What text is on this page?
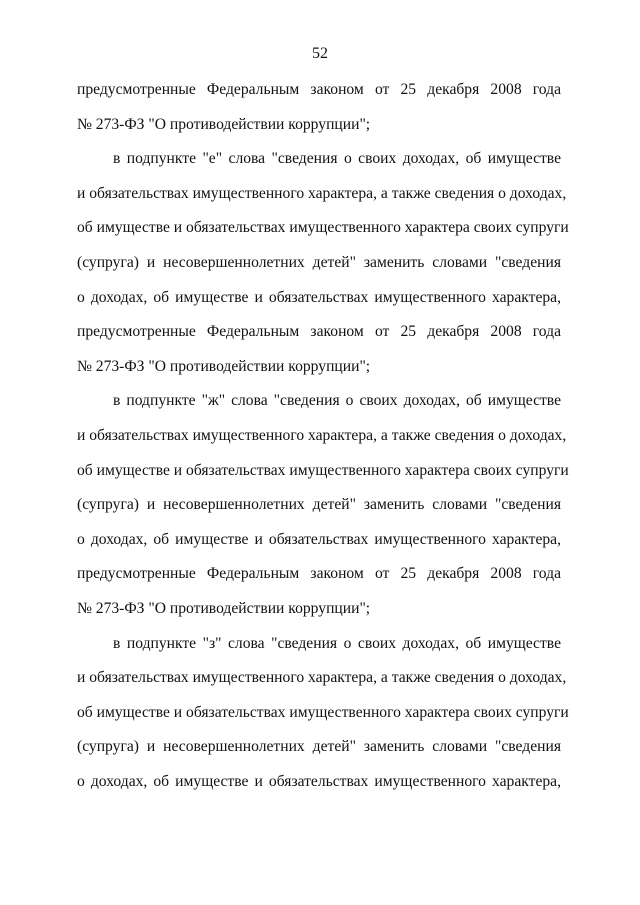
52
предусмотренные Федеральным законом от 25 декабря 2008 года
№ 273-ФЗ "О противодействии коррупции";
в подпункте "е" слова "сведения о своих доходах, об имуществе
и обязательствах имущественного характера, а также сведения о доходах,
об имуществе и обязательствах имущественного характера своих супруги
(супруга) и несовершеннолетних детей" заменить словами "сведения
о доходах, об имуществе и обязательствах имущественного характера,
предусмотренные Федеральным законом от 25 декабря 2008 года
№ 273-ФЗ "О противодействии коррупции";
в подпункте "ж" слова "сведения о своих доходах, об имуществе
и обязательствах имущественного характера, а также сведения о доходах,
об имуществе и обязательствах имущественного характера своих супруги
(супруга) и несовершеннолетних детей" заменить словами "сведения
о доходах, об имуществе и обязательствах имущественного характера,
предусмотренные Федеральным законом от 25 декабря 2008 года
№ 273-ФЗ "О противодействии коррупции";
в подпункте "з" слова "сведения о своих доходах, об имуществе
и обязательствах имущественного характера, а также сведения о доходах,
об имуществе и обязательствах имущественного характера своих супруги
(супруга) и несовершеннолетних детей" заменить словами "сведения
о доходах, об имуществе и обязательствах имущественного характера,
